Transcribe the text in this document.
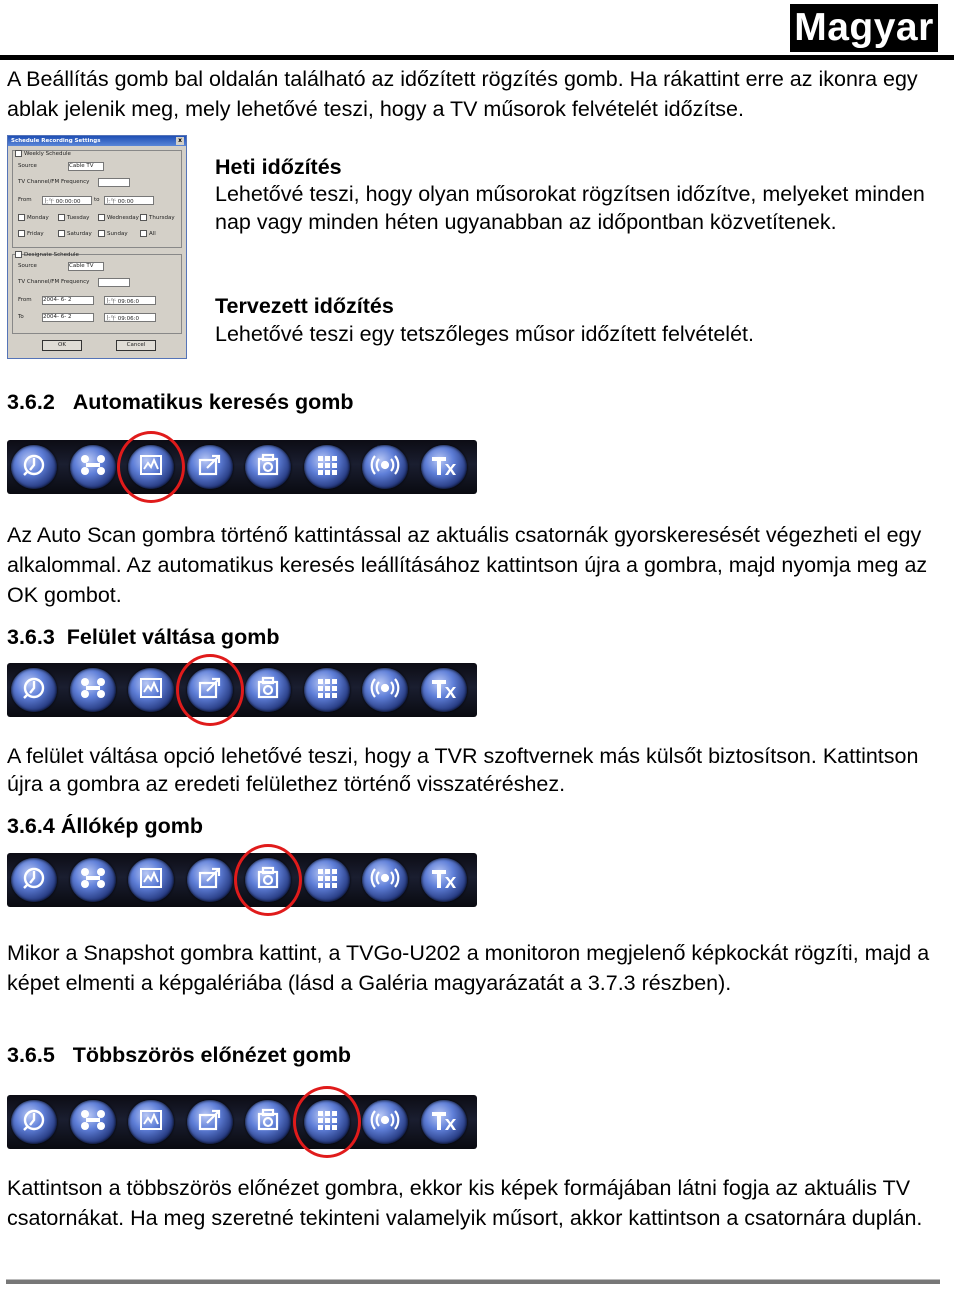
Magyar

A Beállítás gomb bal oldalán található az időzített rögzítés gomb. Ha rákattint erre az ikonra egy ablak jelenik meg, mely lehetővé teszi, hogy a TV műsorok felvételét időzítse.

Schedule Recording Settings	x
Weekly Schedule
Source	Cable TV
TV Channel/FM Frequency
From 上午 00:00:00	to 上午 00:00
Monday	Tuesday	Wednesday	Thursday
Friday	Saturday	Sunday	All
Designate Schedule
Source	Cable TV
TV Channel/FM Frequency
From 2004- 6- 2	上午 09:06:0
To	2004- 6- 2	上午 09:06:0
OK	Cancel

Heti időzítés

Lehetővé teszi, hogy olyan műsorokat rögzítsen időzítve, melyeket minden nap vagy minden héten ugyanabban az időpontban közvetítenek.

Tervezett időzítés

Lehetővé teszi egy tetszőleges műsor időzített felvételét.

3.6.2 Automatikus keresés gomb

Az Auto Scan gombra történő kattintással az aktuális csatornák gyorskeresését végezheti el egy alkalommal. Az automatikus keresés leállításához kattintson újra a gombra, majd nyomja meg az OK gombot.

3.6.3 Felület váltása gomb

A felület váltása opció lehetővé teszi, hogy a TVR szoftvernek más külsőt biztosítson. Kattintson újra a gombra az eredeti felülethez történő visszatéréshez.

3.6.4 Állókép gomb

Mikor a Snapshot gombra kattint, a TVGo-U202 a monitoron megjelenő képkockát rögzíti, majd a képet elmenti a képgalériába (lásd a Galéria magyarázatát a 3.7.3 részben).

3.6.5 Többszörös előnézet gomb

Kattintson a többszörös előnézet gombra, ekkor kis képek formájában látni fogja az aktuális TV csatornákat. Ha meg szeretné tekinteni valamelyik műsort, akkor kattintson a csatornára duplán.
